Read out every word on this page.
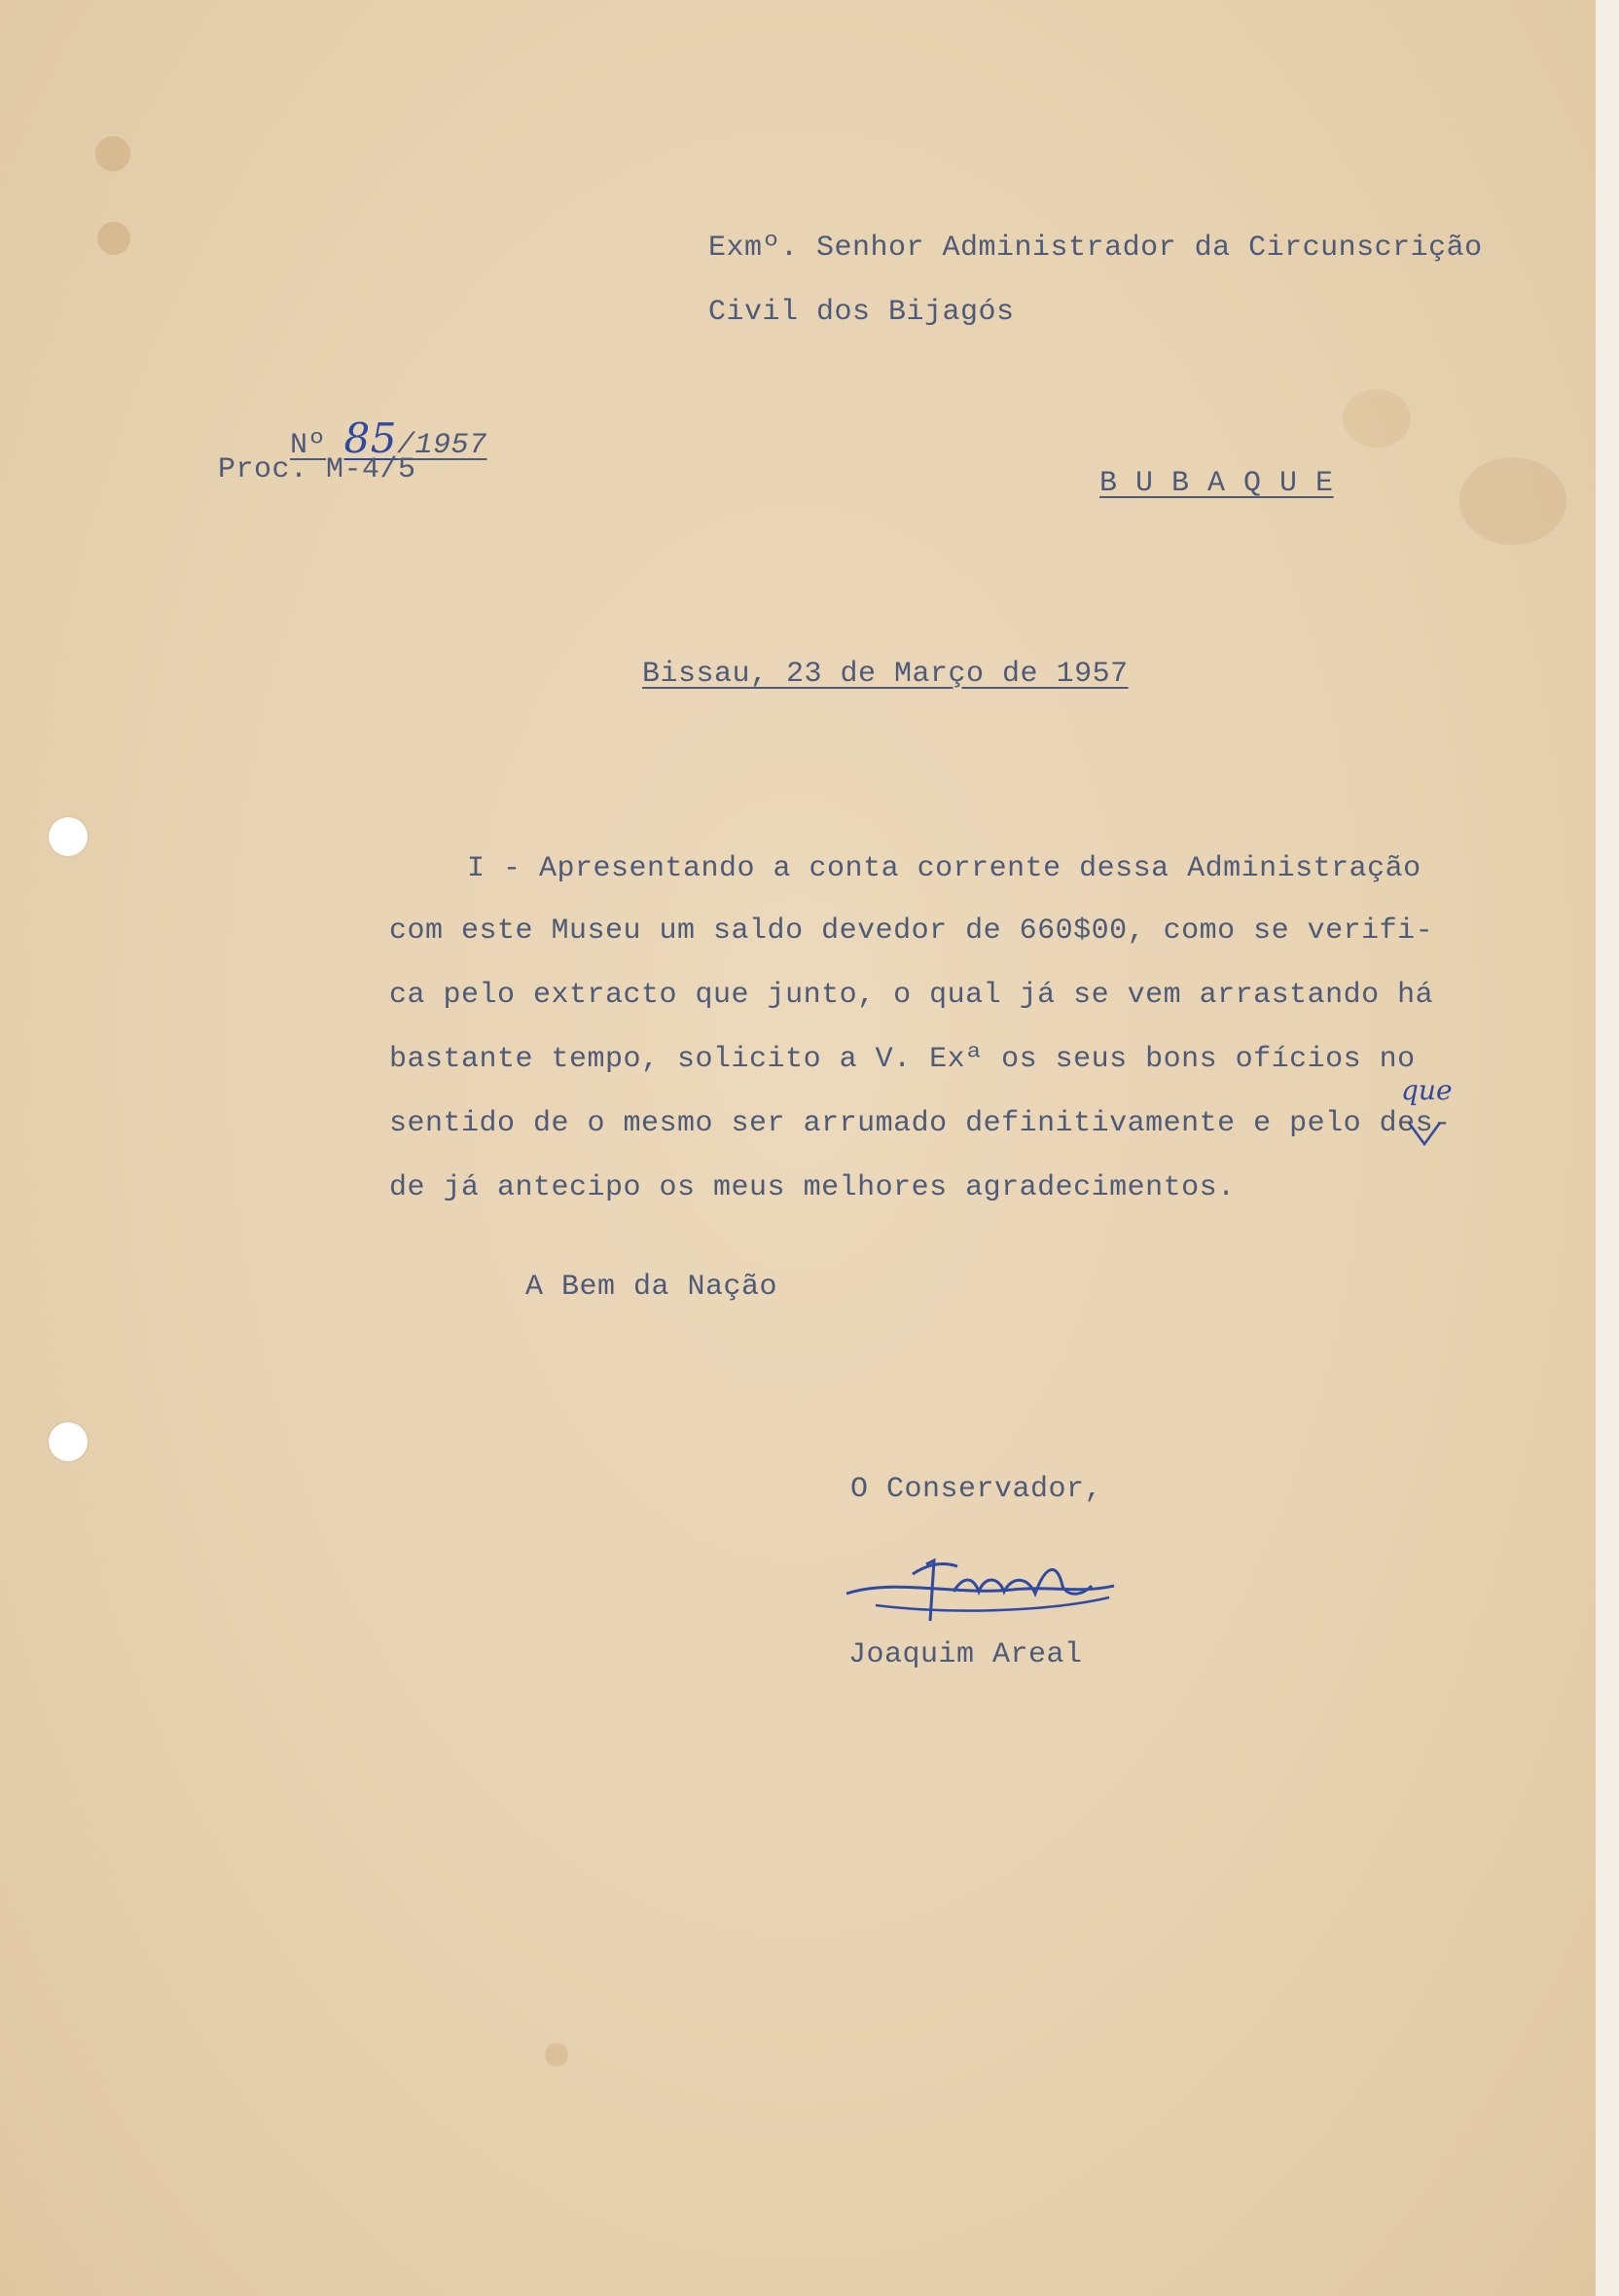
Exmº. Senhor Administrador da Circunscrição
Civil dos Bijagós

Nº 85/1957

Proc. M-4/5	B U B A Q U E
Bissau, 23 de Março de 1957
I - Apresentando a conta corrente dessa Administração
com este Museu um saldo devedor de 660$00, como se verifi-
ca pelo extracto que junto, o qual já se vem arrastando há
bastante tempo, solicito a V. Exª os seus bons ofícios no
sentido de o mesmo ser arrumado definitivamente e pelo des-
de já antecipo os meus melhores agradecimentos.
que
A Bem da Nação
O Conservador,
Joaquim Areal
